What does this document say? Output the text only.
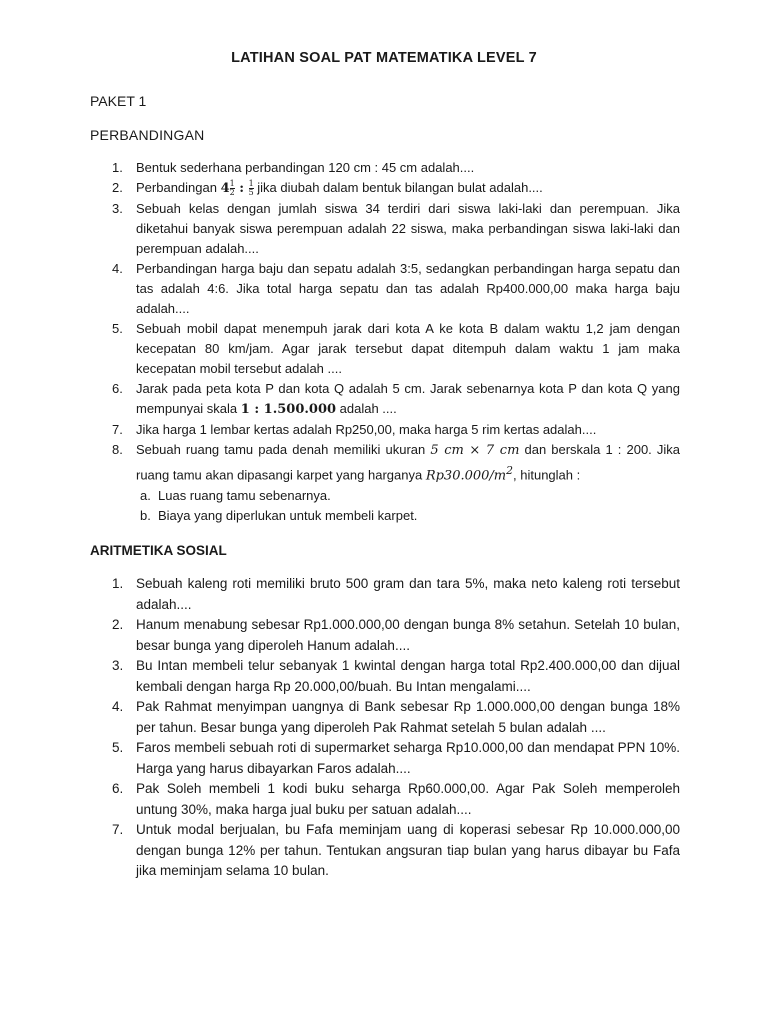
LATIHAN SOAL PAT MATEMATIKA LEVEL 7
PAKET 1
PERBANDINGAN
1. Bentuk sederhana perbandingan 120 cm : 45 cm adalah....
2. Perbandingan $4 \frac{1}{2}$ : $\frac{1}{5}$ jika diubah dalam bentuk bilangan bulat adalah....
3. Sebuah kelas dengan jumlah siswa 34 terdiri dari siswa laki-laki dan perempuan. Jika diketahui banyak siswa perempuan adalah 22 siswa, maka perbandingan siswa laki-laki dan perempuan adalah....
4. Perbandingan harga baju dan sepatu adalah 3:5, sedangkan perbandingan harga sepatu dan tas adalah 4:6. Jika total harga sepatu dan tas adalah Rp400.000,00 maka harga baju adalah....
5. Sebuah mobil dapat menempuh jarak dari kota A ke kota B dalam waktu 1,2 jam dengan kecepatan 80 km/jam. Agar jarak tersebut dapat ditempuh dalam waktu 1 jam maka kecepatan mobil tersebut adalah ....
6. Jarak pada peta kota P dan kota Q adalah 5 cm. Jarak sebenarnya kota P dan kota Q yang mempunyai skala 1 : 1.500.000 adalah ....
7. Jika harga 1 lembar kertas adalah Rp250,00, maka harga 5 rim kertas adalah....
8. Sebuah ruang tamu pada denah memiliki ukuran 5 cm × 7 cm dan berskala 1 : 200. Jika ruang tamu akan dipasangi karpet yang harganya $Rp30.000/m^2$, hitunglah :
a. Luas ruang tamu sebenarnya.
b. Biaya yang diperlukan untuk membeli karpet.
ARITMETIKA SOSIAL
1. Sebuah kaleng roti memiliki bruto 500 gram dan tara 5%, maka neto kaleng roti tersebut adalah....
2. Hanum menabung sebesar Rp1.000.000,00 dengan bunga 8% setahun. Setelah 10 bulan, besar bunga yang diperoleh Hanum adalah....
3. Bu Intan membeli telur sebanyak 1 kwintal dengan harga total Rp2.400.000,00 dan dijual kembali dengan harga Rp 20.000,00/buah. Bu Intan mengalami....
4. Pak Rahmat menyimpan uangnya di Bank sebesar Rp 1.000.000,00 dengan bunga 18% per tahun. Besar bunga yang diperoleh Pak Rahmat setelah 5 bulan adalah ....
5. Faros membeli sebuah roti di supermarket seharga Rp10.000,00 dan mendapat PPN 10%. Harga yang harus dibayarkan Faros adalah....
6. Pak Soleh membeli 1 kodi buku seharga Rp60.000,00. Agar Pak Soleh memperoleh untung 30%, maka harga jual buku per satuan adalah....
7. Untuk modal berjualan, bu Fafa meminjam uang di koperasi sebesar Rp 10.000.000,00 dengan bunga 12% per tahun. Tentukan angsuran tiap bulan yang harus dibayar bu Fafa jika meminjam selama 10 bulan.
